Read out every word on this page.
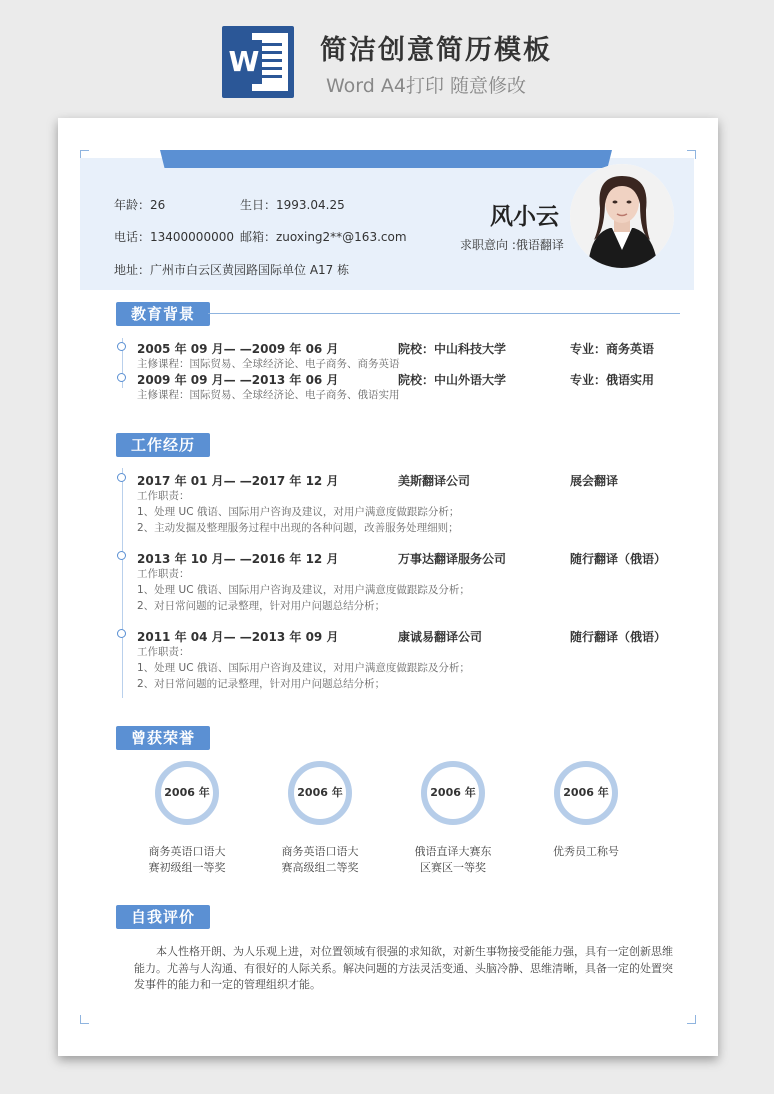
W 简洁创意简历模板
Word A4打印 随意修改
年龄：26	生日：1993.04.25
电话：13400000000 邮箱：zuoxing2**@163.com
地址：广州市白云区黄园路国际单位 A17 栋
风小云
求职意向 :俄语翻译
教育背景
2005 年 09 月— —2009 年 06 月	院校：中山科技大学	专业：商务英语
主修课程：国际贸易、全球经济论、电子商务、商务英语
2009 年 09 月— —2013 年 06 月	院校：中山外语大学	专业：俄语实用
主修课程：国际贸易、全球经济论、电子商务、俄语实用
工作经历
2017 年 01 月— —2017 年 12 月	美斯翻译公司	展会翻译
工作职责：
1、处理 UC 俄语、国际用户咨询及建议，对用户满意度做跟踪分析；
2、主动发掘及整理服务过程中出现的各种问题，改善服务处理细则；
2013 年 10 月— —2016 年 12 月	万事达翻译服务公司	随行翻译（俄语）
工作职责：
1、处理 UC 俄语、国际用户咨询及建议，对用户满意度做跟踪及分析；
2、对日常问题的记录整理，针对用户问题总结分析；
2011 年 04 月— —2013 年 09 月	康诚易翻译公司	随行翻译（俄语）
工作职责：
1、处理 UC 俄语、国际用户咨询及建议，对用户满意度做跟踪及分析；
2、对日常问题的记录整理，针对用户问题总结分析；
曾获荣誉
2006 年	2006 年	2006 年	2006 年
商务英语口语大
赛初级组一等奖
商务英语口语大
赛高级组二等奖
俄语直译大赛东
区赛区一等奖
优秀员工称号
自我评价

本人性格开朗、为人乐观上进，对位置领域有很强的求知欲，对新生事物接受能能力强，具有一定创新思维能力。尤善与人沟通、有很好的人际关系。解决问题的方法灵活变通、头脑冷静、思维清晰，具备一定的处置突发事件的能力和一定的管理组织才能。
